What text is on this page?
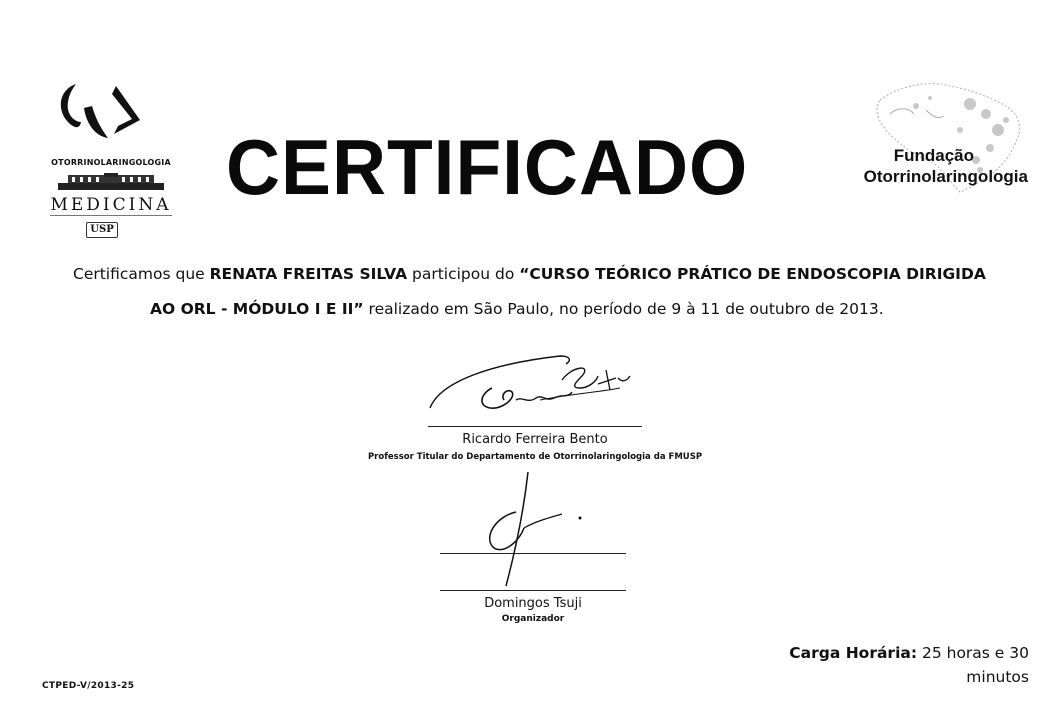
OTORRINOLARINGOLOGIA
MEDICINA
USP
CERTIFICADO	Fundação
Otorrinolaringologia
Certificamos que RENATA FREITAS SILVA participou do “CURSO TEÓRICO PRÁTICO DE ENDOSCOPIA DIRIGIDA
AO ORL - MÓDULO I E II” realizado em São Paulo, no período de 9 à 11 de outubro de 2013.
Ricardo Ferreira Bento
Professor Titular do Departamento de Otorrinolaringologia da FMUSP
Domingos Tsuji
Organizador
Carga Horária: 25 horas e 30
minutos
CTPED-V/2013-25
